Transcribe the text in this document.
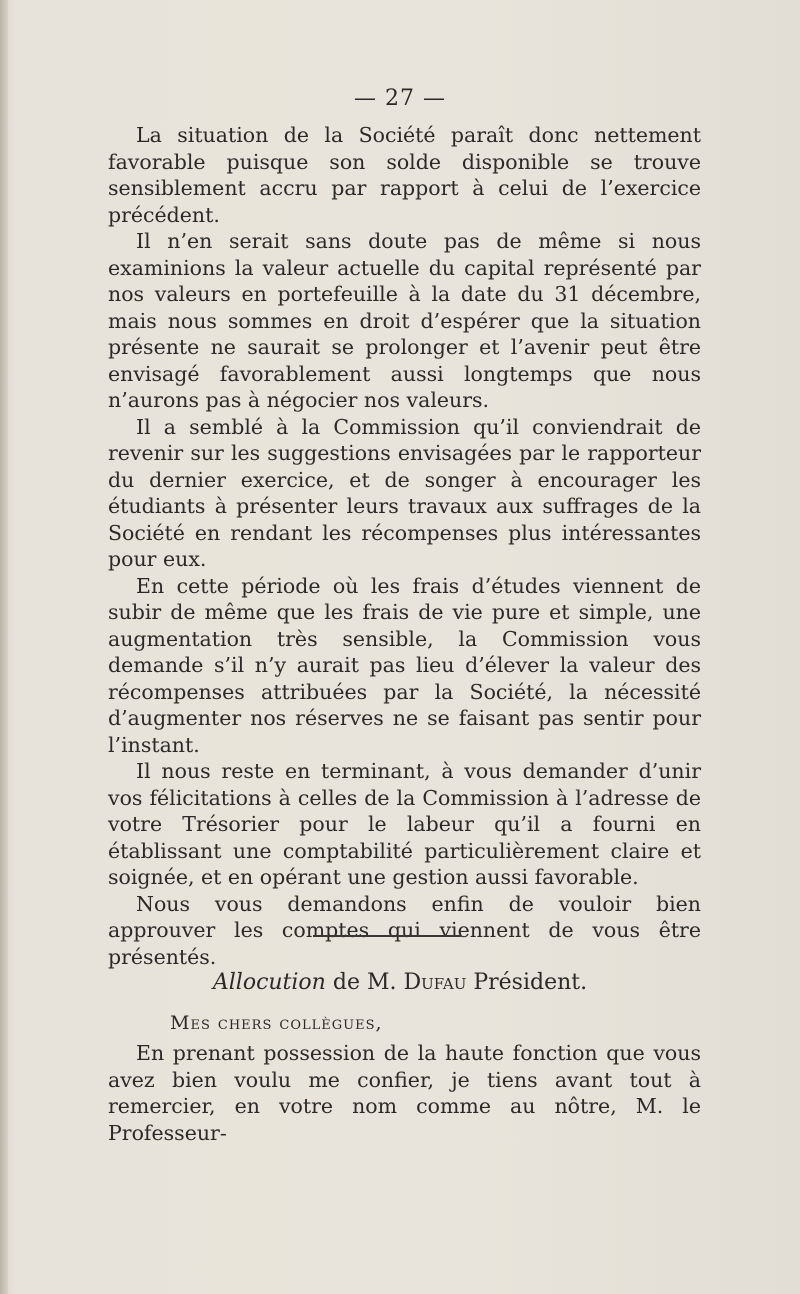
— 27 —

La situation de la Société paraît donc nettement favorable puisque son solde disponible se trouve sensiblement accru par rapport à celui de l’exercice précédent.

Il n’en serait sans doute pas de même si nous examinions la valeur actuelle du capital représenté par nos valeurs en portefeuille à la date du 31 décembre, mais nous sommes en droit d’espérer que la situation présente ne saurait se prolonger et l’avenir peut être envisagé favorablement aussi longtemps que nous n’aurons pas à négocier nos valeurs.

Il a semblé à la Commission qu’il conviendrait de revenir sur les suggestions envisagées par le rapporteur du dernier exercice, et de songer à encourager les étudiants à présenter leurs travaux aux suffrages de la Société en rendant les récompenses plus intéressantes pour eux.

En cette période où les frais d’études viennent de subir de même que les frais de vie pure et simple, une augmentation très sensible, la Commission vous demande s’il n’y aurait pas lieu d’élever la valeur des récompenses attribuées par la Société, la nécessité d’augmenter nos réserves ne se faisant pas sentir pour l’instant.

Il nous reste en terminant, à vous demander d’unir vos félicitations à celles de la Commission à l’adresse de votre Trésorier pour le labeur qu’il a fourni en établissant une comptabilité particulièrement claire et soignée, et en opérant une gestion aussi favorable.

Nous vous demandons enfin de vouloir bien approuver les comptes qui viennent de vous être présentés.

Allocution de M. Dufau Président.
Mes chers collègues,

En prenant possession de la haute fonction que vous avez bien voulu me confier, je tiens avant tout à remercier, en votre nom comme au nôtre, M. le Professeur-
